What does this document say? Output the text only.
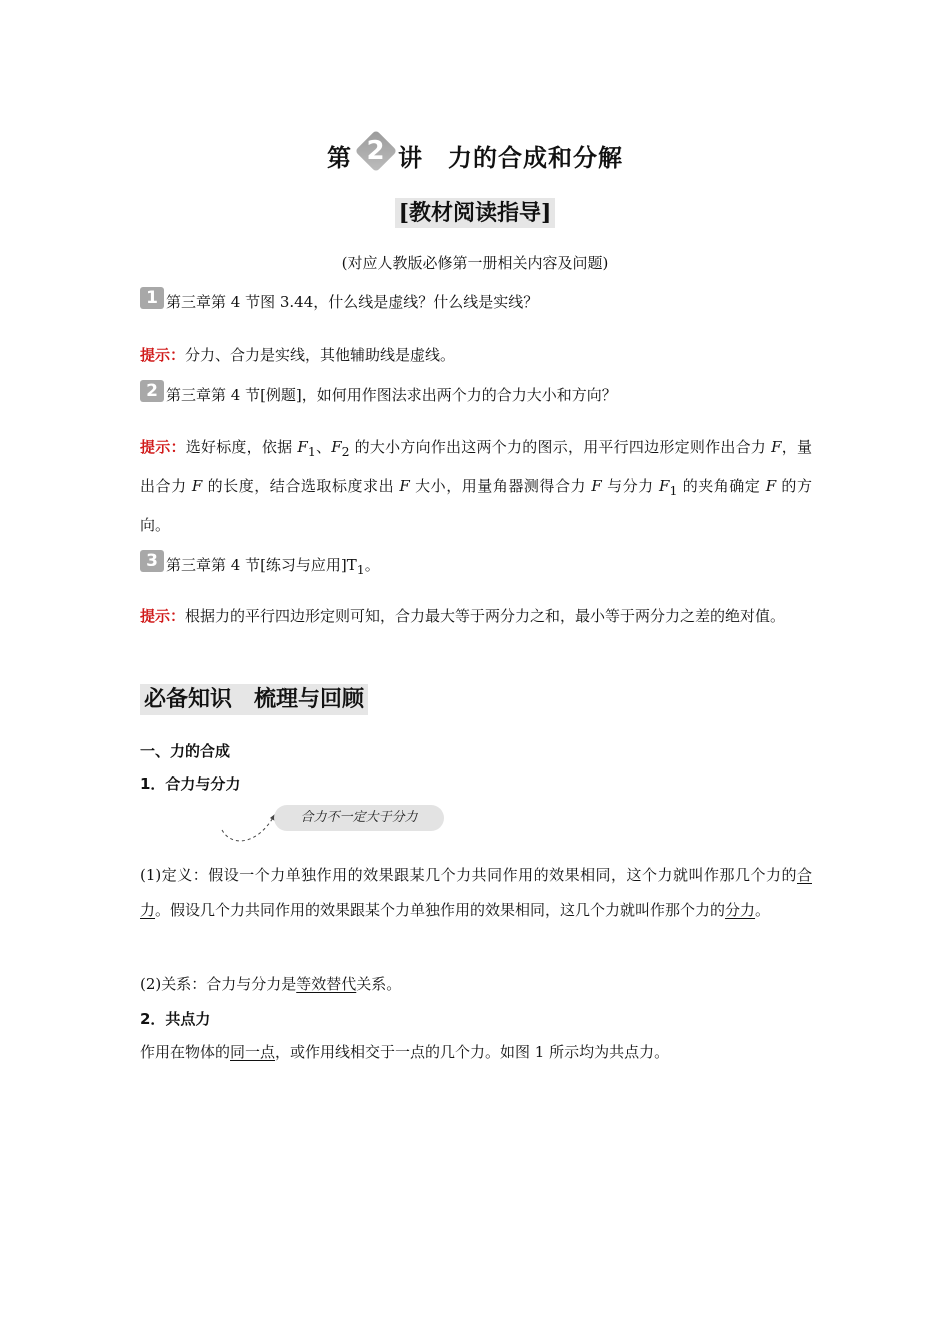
第 2 讲　力的合成和分解
[教材阅读指导]
(对应人教版必修第一册相关内容及问题)
1 第三章第 4 节图 3.44，什么线是虚线？什么线是实线？
提示：分力、合力是实线，其他辅助线是虚线。
2 第三章第 4 节[例题]，如何用作图法求出两个力的合力大小和方向？
提示：选好标度，依据 $F_1$、$F_2$ 的大小方向作出这两个力的图示，用平行四边形定则作出合力 F，量出合力 F 的长度，结合选取标度求出 F 大小，用量角器测得合力 F 与分力 $F_1$ 的夹角确定 F 的方向。
3 第三章第 4 节[练习与应用]$T_1$。
提示：根据力的平行四边形定则可知，合力最大等于两分力之和，最小等于两分力之差的绝对值。
必备知识　梳理与回顾
一、力的合成
1．合力与分力
合力不一定大于分力
(1)定义：假设一个力单独作用的效果跟某几个力共同作用的效果相同，这个力就叫作那几个力的合力。假设几个力共同作用的效果跟某个力单独作用的效果相同，这几个力就叫作那个力的分力。
(2)关系：合力与分力是等效替代关系。
2．共点力
作用在物体的同一点，或作用线相交于一点的几个力。如图 1 所示均为共点力。
